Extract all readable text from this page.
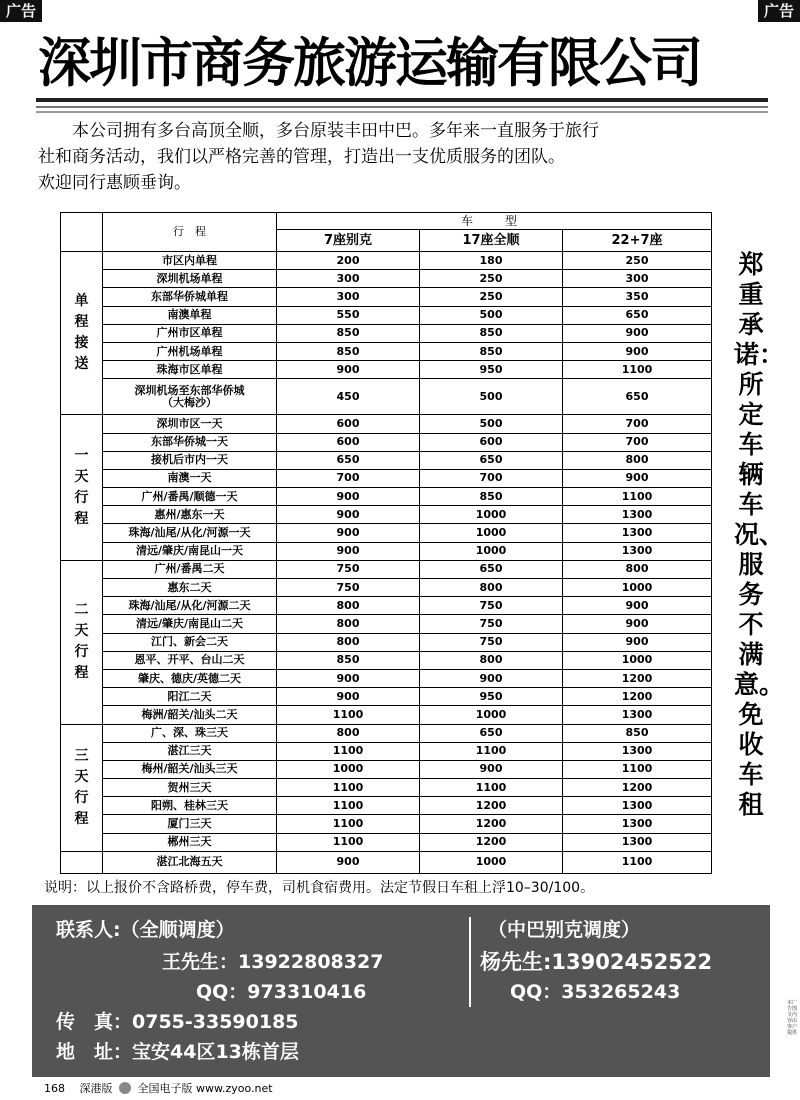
广告	广告
深圳市商务旅游运输有限公司

本公司拥有多台高顶全顺，多台原装丰田中巴。多年来一直服务于旅行

社和商务活动，我们以严格完善的管理，打造出一支优质服务的团队。

欢迎同行惠顾垂询。

	行　程	车　型		
		7座别克	17座全顺	22+7座
单程接送	市区内单程	200	180	250

	深圳机场单程	300	250	300

	东部华侨城单程	300	250	350

	南澳单程	550	500	650

	广州市区单程	850	850	900

	广州机场单程	850	850	900

	珠海市区单程	900	950	1100

	深圳机场至东部华侨城
（大梅沙）	450	500	650
一天行程	深圳市区一天	600	500	700

	东部华侨城一天	600	600	700

	接机后市内一天	650	650	800

	南澳一天	700	700	900

	广州/番禺/顺德一天	900	850	1100

	惠州/惠东一天	900	1000	1300

	珠海/汕尾/从化/河源一天	900	1000	1300

	清远/肇庆/南昆山一天	900	1000	1300
二天行程	广州/番禺二天	750	650	800

	惠东二天	750	800	1000

	珠海/汕尾/从化/河源二天	800	750	900

	清远/肇庆/南昆山二天	800	750	900

	江门、新会二天	800	750	900

	恩平、开平、台山二天	850	800	1000

	肇庆、德庆/英德二天	900	900	1200

	阳江二天	900	950	1200

	梅洲/韶关/汕头二天	1100	1000	1300
三天行程	广、深、珠三天	800	650	850

	湛江三天	1100	1100	1300

	梅州/韶关/汕头三天	1000	900	1100

	贺州三天	1100	1100	1200

	阳朔、桂林三天	1100	1200	1300

	厦门三天	1100	1200	1300

	郴州三天	1100	1200	1300

	湛江北海五天	900	1000	1100
郑重承诺：所定车辆车况、服务不满意。免收车租
说明：以上报价不含路桥费，停车费，司机食宿费用。法定节假日车租上浮10–30/100。
联系人:（全顺调度）
王先生：13922808327
QQ：973310416
（中巴别克调度）
杨先生:13902452522
QQ：353265243
传　真：0755-33590185
地　址：宝安44区13栋首层
本广告图文内容由客户提供
168　 深港版 全国电子版 www.zyoo.net
